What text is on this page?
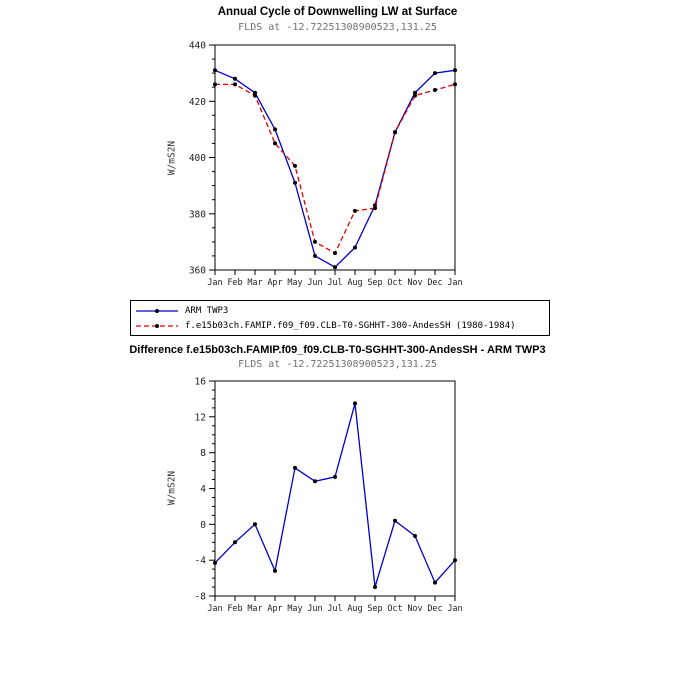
Annual Cycle of Downwelling LW at Surface
FLDS at -12.72251308900523,131.25
W/mS2N
360
380
400
420
440
Jan Feb Mar Apr May Jun Jul Aug Sep Oct Nov Dec Jan
ARM TWP3
f.e15b03ch.FAMIP.f09_f09.CLB-T0-SGHHT-300-AndesSH (1980-1984)
Difference f.e15b03ch.FAMIP.f09_f09.CLB-T0-SGHHT-300-AndesSH - ARM TWP3
FLDS at -12.72251308900523,131.25
W/mS2N
-8
-4
0
4
8
12
16
Jan Feb Mar Apr May Jun Jul Aug Sep Oct Nov Dec Jan
